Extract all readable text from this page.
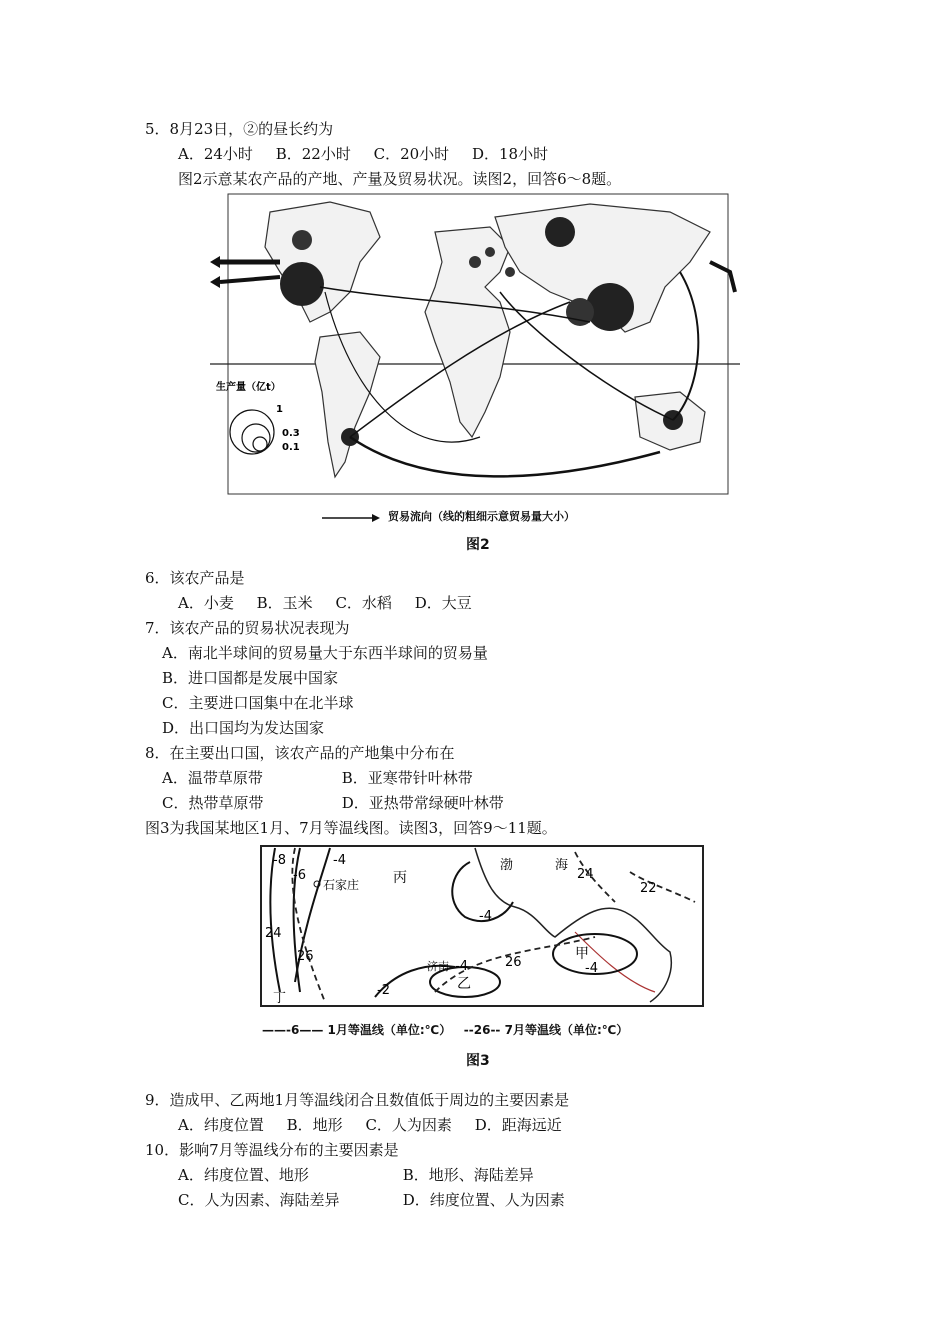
5．8月23日，②的昼长约为
A．24小时 B．22小时 C．20小时 D．18小时
图2示意某农产品的产地、产量及贸易状况。读图2，回答6～8题。
生产量（亿t）
1
0.3
0.1
贸易流向（线的粗细示意贸易量大小）
图2
6．该农产品是
A．小麦 B．玉米 C．水稻 D．大豆
7．该农产品的贸易状况表现为
A．南北半球间的贸易量大于东西半球间的贸易量
B．进口国都是发展中国家
C．主要进口国集中在北半球
D．出口国均为发达国家
8．在主要出口国，该农产品的产地集中分布在
A．温带草原带	B．亚寒带针叶林带
C．热带草原带	D．亚热带常绿硬叶林带
图3为我国某地区1月、7月等温线图。读图3，回答9～11题。
-8
-6
-4
24
26
-4
24
22
26	-4
-2
-4
石家庄
济南
渤	海
丙
甲
乙
丁
——-6—— 1月等温线（单位:℃） --26-- 7月等温线（单位:℃）
图3
9．造成甲、乙两地1月等温线闭合且数值低于周边的主要因素是
A．纬度位置 B．地形 C．人为因素 D．距海远近
10．影响7月等温线分布的主要因素是
A．纬度位置、地形	B．地形、海陆差异
C．人为因素、海陆差异	D．纬度位置、人为因素
